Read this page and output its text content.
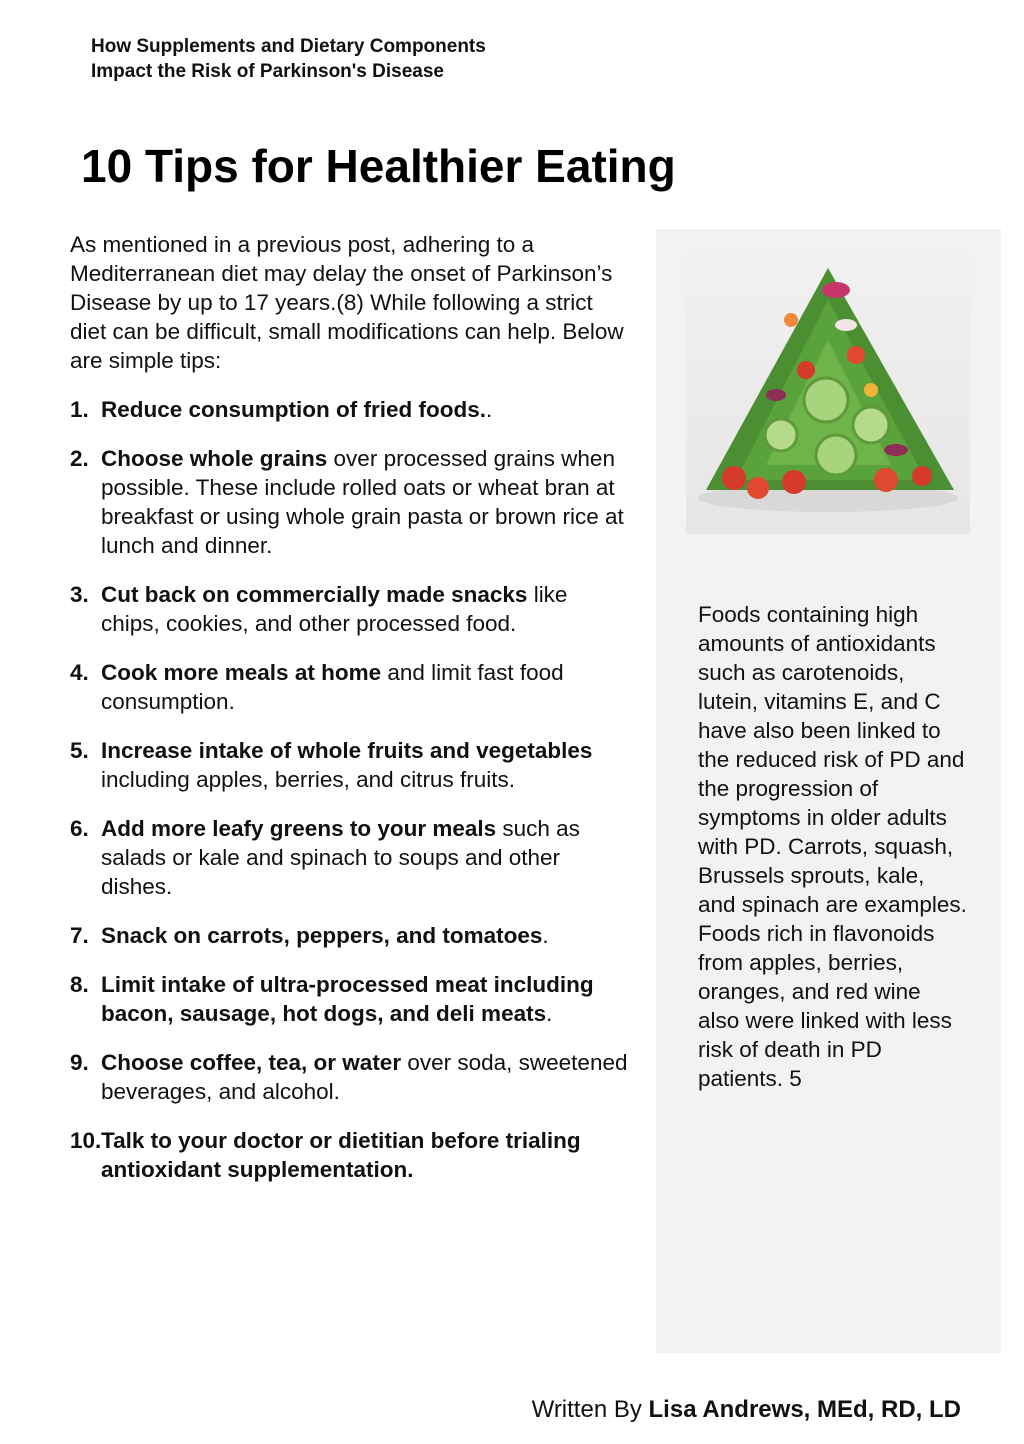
How Supplements and Dietary Components
Impact the Risk of Parkinson's Disease
10 Tips for Healthier Eating

As mentioned in a previous post, adhering to a Mediterranean diet may delay the onset of Parkinson’s Disease by up to 17 years.(8) While following a strict diet can be difficult, small modifications can help. Below are simple tips:

1. Reduce consumption of fried foods..
2. Choose whole grains over processed grains when possible. These include rolled oats or wheat bran at breakfast or using whole grain pasta or brown rice at lunch and dinner.
3. Cut back on commercially made snacks like chips, cookies, and other processed food.
4. Cook more meals at home and limit fast food consumption.
5. Increase intake of whole fruits and vegetables including apples, berries, and citrus fruits.
6. Add more leafy greens to your meals such as salads or kale and spinach to soups and other dishes.
7. Snack on carrots, peppers, and tomatoes.
8. Limit intake of ultra-processed meat including bacon, sausage, hot dogs, and deli meats.
9. Choose coffee, tea, or water over soda, sweetened beverages, and alcohol.
10. Talk to your doctor or dietitian before trialing antioxidant supplementation.

Foods containing high amounts of antioxidants such as carotenoids, lutein, vitamins E, and C have also been linked to the reduced risk of PD and the progression of symptoms in older adults with PD. Carrots, squash, Brussels sprouts, kale, and spinach are examples. Foods rich in flavonoids from apples, berries, oranges, and red wine also were linked with less risk of death in PD patients. 5

Written By Lisa Andrews, MEd, RD, LD
